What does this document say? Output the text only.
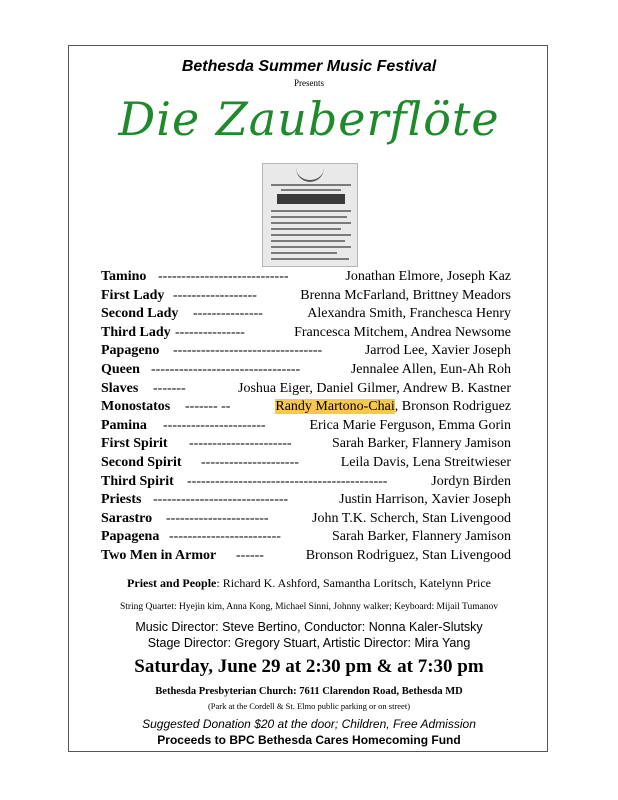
Bethesda Summer Music Festival
Presents
Die Zauberflöte
Tamino ----------------------------	Jonathan Elmore, Joseph Kaz
First Lady ------------------	Brenna McFarland, Brittney Meadors
Second Lady ---------------	Alexandra Smith, Franchesca Henry
Third Lady ---------------	Francesca Mitchem, Andrea Newsome
Papageno --------------------------------	Jarrod Lee, Xavier Joseph
Queen --------------------------------	Jennalee Allen, Eun-Ah Roh
Slaves -------	Joshua Eiger, Daniel Gilmer, Andrew B. Kastner
Monostatos ------- --	Randy Martono-Chai, Bronson Rodriguez
Pamina ----------------------	Erica Marie Ferguson, Emma Gorin
First Spirit ----------------------	Sarah Barker, Flannery Jamison
Second Spirit ---------------------	Leila Davis, Lena Streitwieser
Third Spirit -------------------------------------------	Jordyn Birden
Priests -----------------------------	Justin Harrison, Xavier Joseph
Sarastro ----------------------	John T.K. Scherch, Stan Livengood
Papagena ------------------------	Sarah Barker, Flannery Jamison
Two Men in Armor ------	Bronson Rodriguez, Stan Livengood
Priest and People: Richard K. Ashford, Samantha Loritsch, Katelynn Price
String Quartet: Hyejin kim, Anna Kong, Michael Sinni, Johnny walker; Keyboard: Mijail Tumanov
Music Director: Steve Bertino, Conductor: Nonna Kaler-Slutsky
Stage Director: Gregory Stuart, Artistic Director: Mira Yang
Saturday, June 29 at 2:30 pm & at 7:30 pm
Bethesda Presbyterian Church: 7611 Clarendon Road, Bethesda MD
(Park at the Cordell & St. Elmo public parking or on street)
Suggested Donation $20 at the door; Children, Free Admission
Proceeds to BPC Bethesda Cares Homecoming Fund
